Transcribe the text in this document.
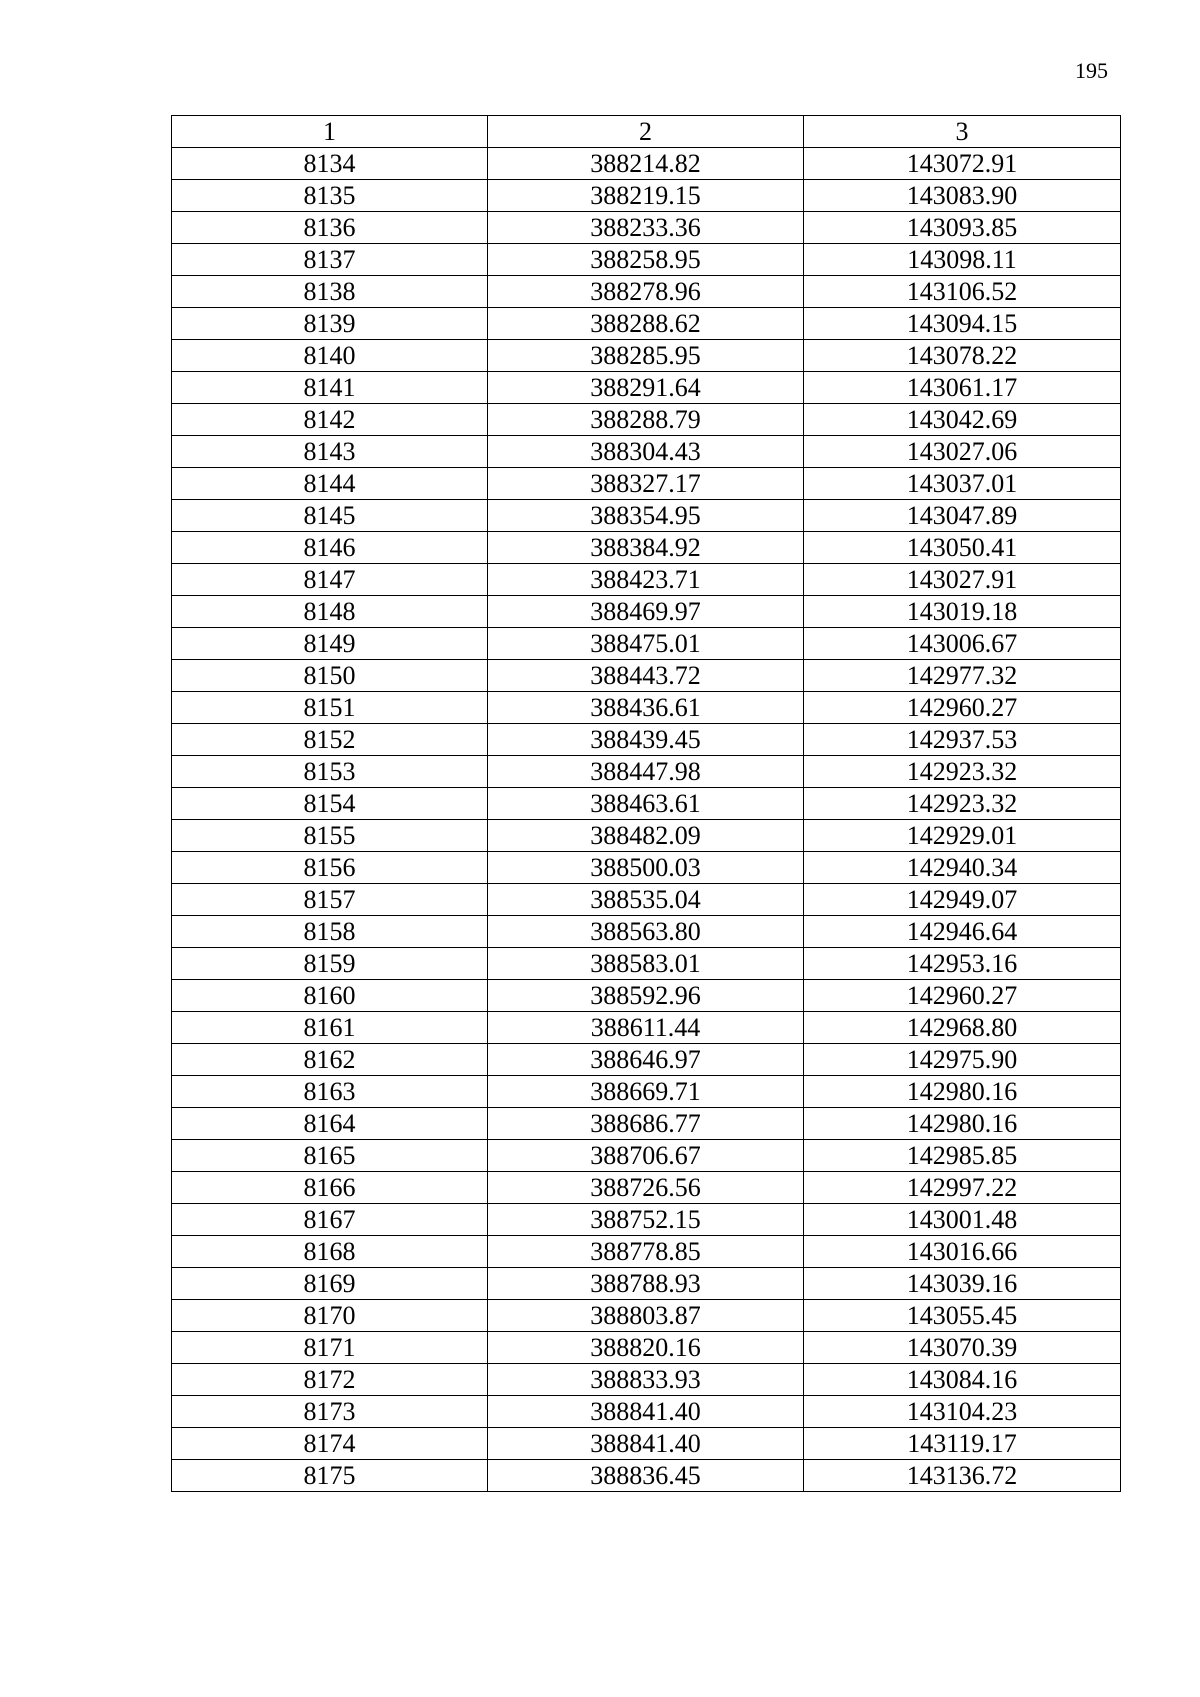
195
1	2	3
8134	388214.82	143072.91
8135	388219.15	143083.90
8136	388233.36	143093.85
8137	388258.95	143098.11
8138	388278.96	143106.52
8139	388288.62	143094.15
8140	388285.95	143078.22
8141	388291.64	143061.17
8142	388288.79	143042.69
8143	388304.43	143027.06
8144	388327.17	143037.01
8145	388354.95	143047.89
8146	388384.92	143050.41
8147	388423.71	143027.91
8148	388469.97	143019.18
8149	388475.01	143006.67
8150	388443.72	142977.32
8151	388436.61	142960.27
8152	388439.45	142937.53
8153	388447.98	142923.32
8154	388463.61	142923.32
8155	388482.09	142929.01
8156	388500.03	142940.34
8157	388535.04	142949.07
8158	388563.80	142946.64
8159	388583.01	142953.16
8160	388592.96	142960.27
8161	388611.44	142968.80
8162	388646.97	142975.90
8163	388669.71	142980.16
8164	388686.77	142980.16
8165	388706.67	142985.85
8166	388726.56	142997.22
8167	388752.15	143001.48
8168	388778.85	143016.66
8169	388788.93	143039.16
8170	388803.87	143055.45
8171	388820.16	143070.39
8172	388833.93	143084.16
8173	388841.40	143104.23
8174	388841.40	143119.17
8175	388836.45	143136.72
